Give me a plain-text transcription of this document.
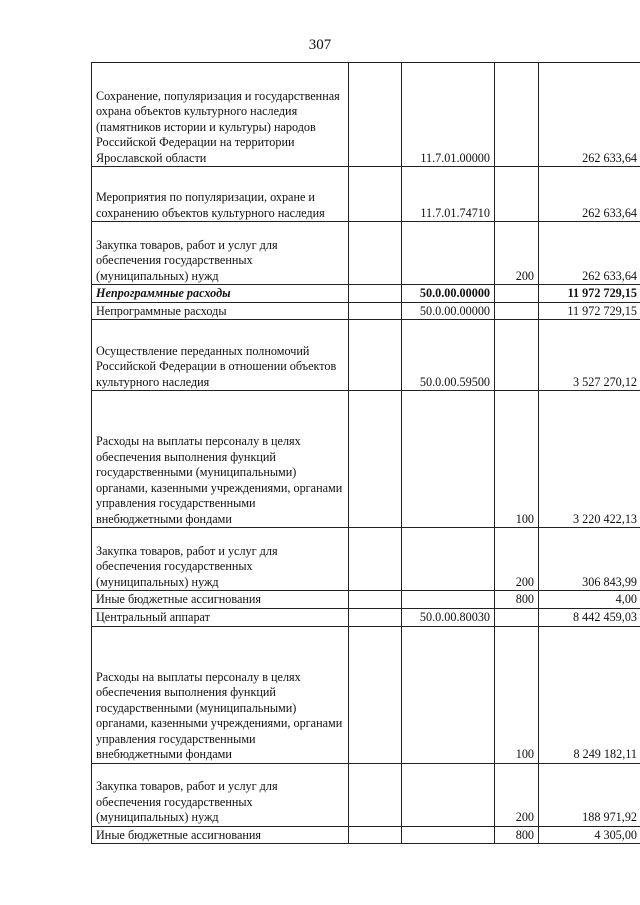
307
Сохранение, популяризация и государственная охрана объектов культурного наследия (памятников истории и культуры) народов Российской Федерации на территории Ярославской области		11.7.01.00000		262 633,64
Мероприятия по популяризации, охране и сохранению объектов культурного наследия		11.7.01.74710		262 633,64
Закупка товаров, работ и услуг для обеспечения государственных (муниципальных) нужд			200	262 633,64
Непрограммные расходы		50.0.00.00000		11 972 729,15
Непрограммные расходы		50.0.00.00000		11 972 729,15
Осуществление переданных полномочий Российской Федерации в отношении объектов культурного наследия		50.0.00.59500		3 527 270,12
Расходы на выплаты персоналу в целях обеспечения выполнения функций государственными (муниципальными) органами, казенными учреждениями, органами управления государственными внебюджетными фондами			100	3 220 422,13
Закупка товаров, работ и услуг для обеспечения государственных (муниципальных) нужд			200	306 843,99
Иные бюджетные ассигнования			800	4,00
Центральный аппарат		50.0.00.80030		8 442 459,03
Расходы на выплаты персоналу в целях обеспечения выполнения функций государственными (муниципальными) органами, казенными учреждениями, органами управления государственными внебюджетными фондами			100	8 249 182,11
Закупка товаров, работ и услуг для обеспечения государственных (муниципальных) нужд			200	188 971,92
Иные бюджетные ассигнования			800	4 305,00
